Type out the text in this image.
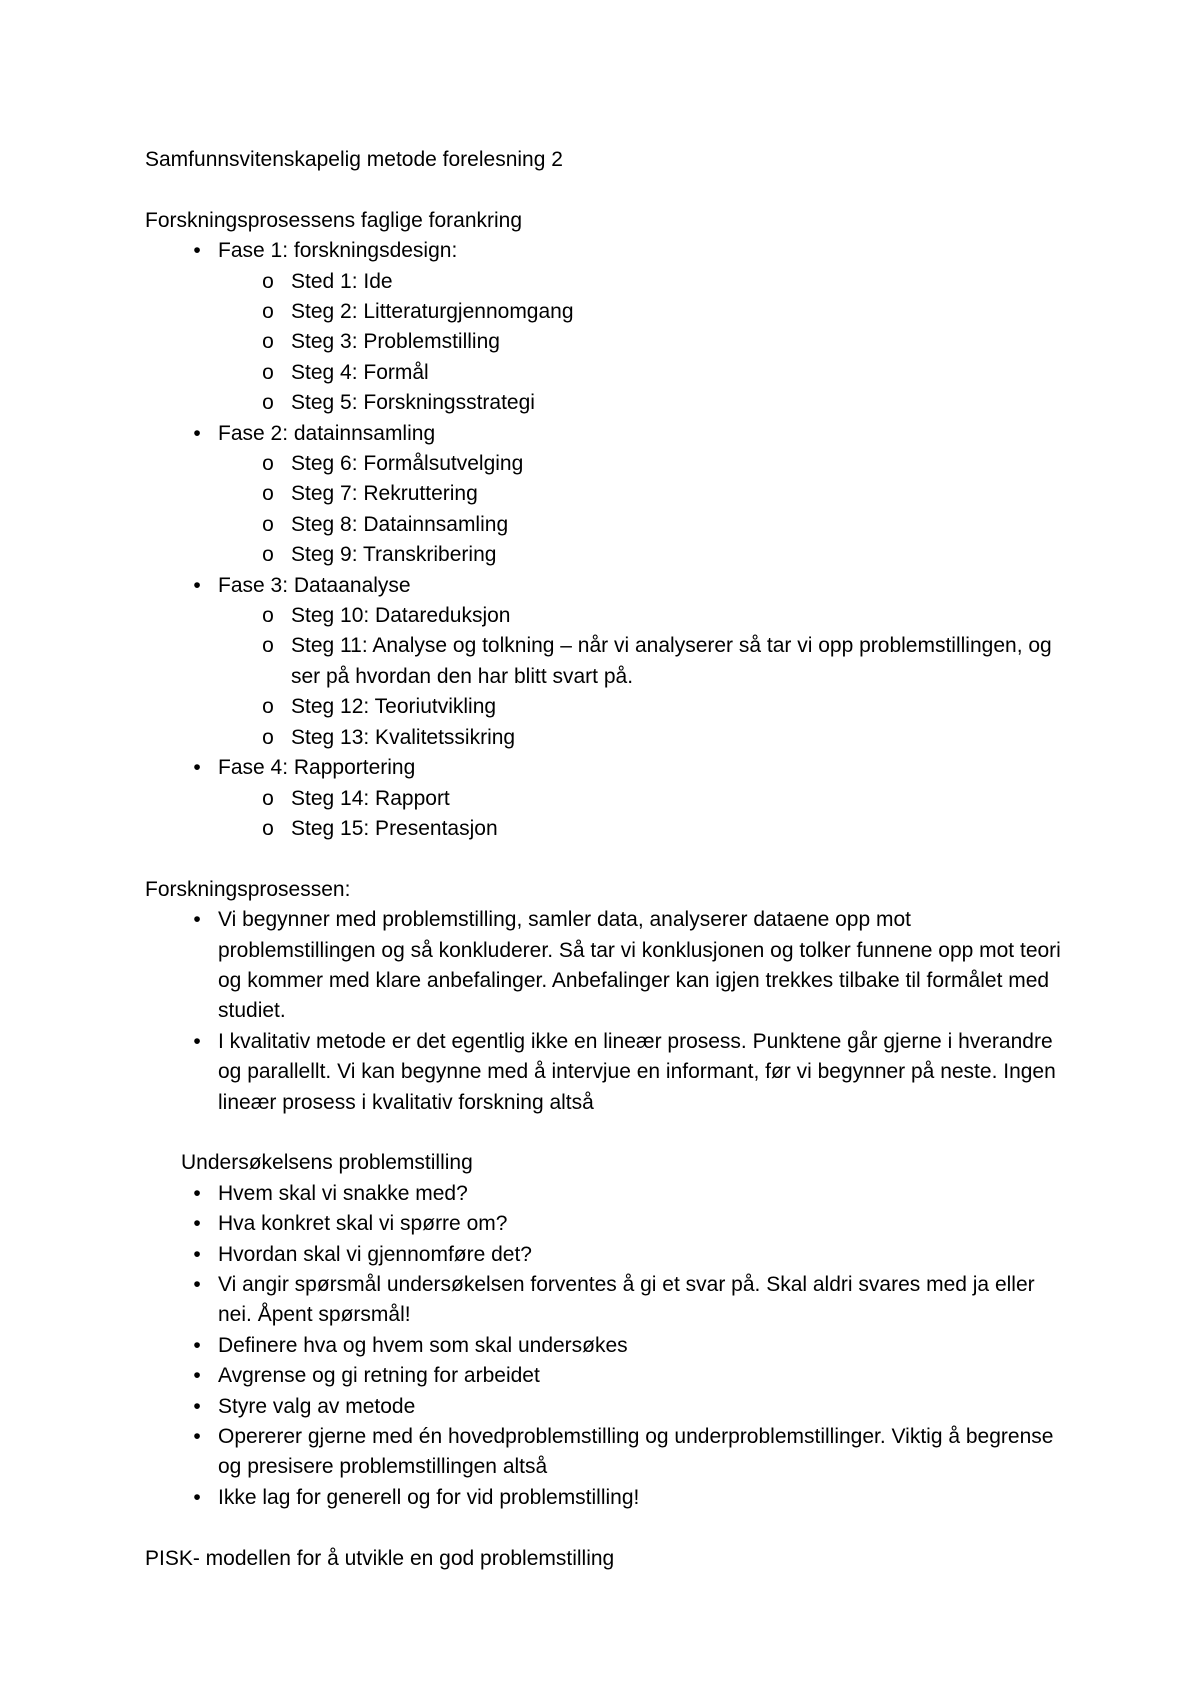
Samfunnsvitenskapelig metode forelesning 2

Forskningsprosessens faglige forankring

• Fase 1: forskningsdesign:
o Sted 1: Ide
o Steg 2: Litteraturgjennomgang
o Steg 3: Problemstilling
o Steg 4: Formål
o Steg 5: Forskningsstrategi
• Fase 2: datainnsamling
o Steg 6: Formålsutvelging
o Steg 7: Rekruttering
o Steg 8: Datainnsamling
o Steg 9: Transkribering
• Fase 3: Dataanalyse
o Steg 10: Datareduksjon
o Steg 11: Analyse og tolkning – når vi analyserer så tar vi opp problemstillingen, og ser på hvordan den har blitt svart på.
o Steg 12: Teoriutvikling
o Steg 13: Kvalitetssikring
• Fase 4: Rapportering
o Steg 14: Rapport
o Steg 15: Presentasjon

Forskningsprosessen:

• Vi begynner med problemstilling, samler data, analyserer dataene opp mot problemstillingen og så konkluderer. Så tar vi konklusjonen og tolker funnene opp mot teori og kommer med klare anbefalinger. Anbefalinger kan igjen trekkes tilbake til formålet med studiet.
• I kvalitativ metode er det egentlig ikke en lineær prosess. Punktene går gjerne i hverandre og parallellt. Vi kan begynne med å intervjue en informant, før vi begynner på neste. Ingen lineær prosess i kvalitativ forskning altså

Undersøkelsens problemstilling

• Hvem skal vi snakke med?
• Hva konkret skal vi spørre om?
• Hvordan skal vi gjennomføre det?
• Vi angir spørsmål undersøkelsen forventes å gi et svar på. Skal aldri svares med ja eller nei. Åpent spørsmål!
• Definere hva og hvem som skal undersøkes
• Avgrense og gi retning for arbeidet
• Styre valg av metode
• Opererer gjerne med én hovedproblemstilling og underproblemstillinger. Viktig å begrense og presisere problemstillingen altså
• Ikke lag for generell og for vid problemstilling!

PISK- modellen for å utvikle en god problemstilling
